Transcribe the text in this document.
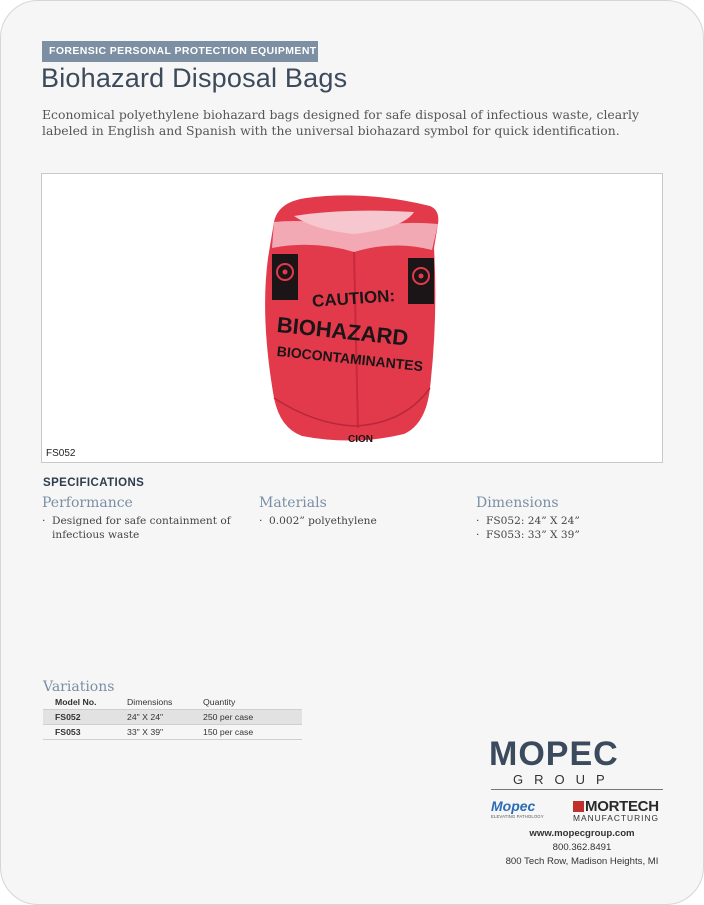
FORENSIC PERSONAL PROTECTION EQUIPMENT
Biohazard Disposal Bags
Economical polyethylene biohazard bags designed for safe disposal of infectious waste, clearly labeled in English and Spanish with the universal biohazard symbol for quick identification.
CAUTION:
BIOHAZARD
BIOCONTAMINANTES
CION
FS052
SPECIFICATIONS
Performance
· Designed for safe containment of infectious waste
Materials
· 0.002” polyethylene
Dimensions
· FS052: 24” X 24”
· FS053: 33” X 39”
Variations
Model No.	Dimensions	Quantity
FS052	24" X 24"	250 per case
FS053	33" X 39"	150 per case
MOPEC
GROUP
Mopec
ELEVATING PATHOLOGY
MORTECH
MANUFACTURING
www.mopecgroup.com
800.362.8491
800 Tech Row, Madison Heights, MI
